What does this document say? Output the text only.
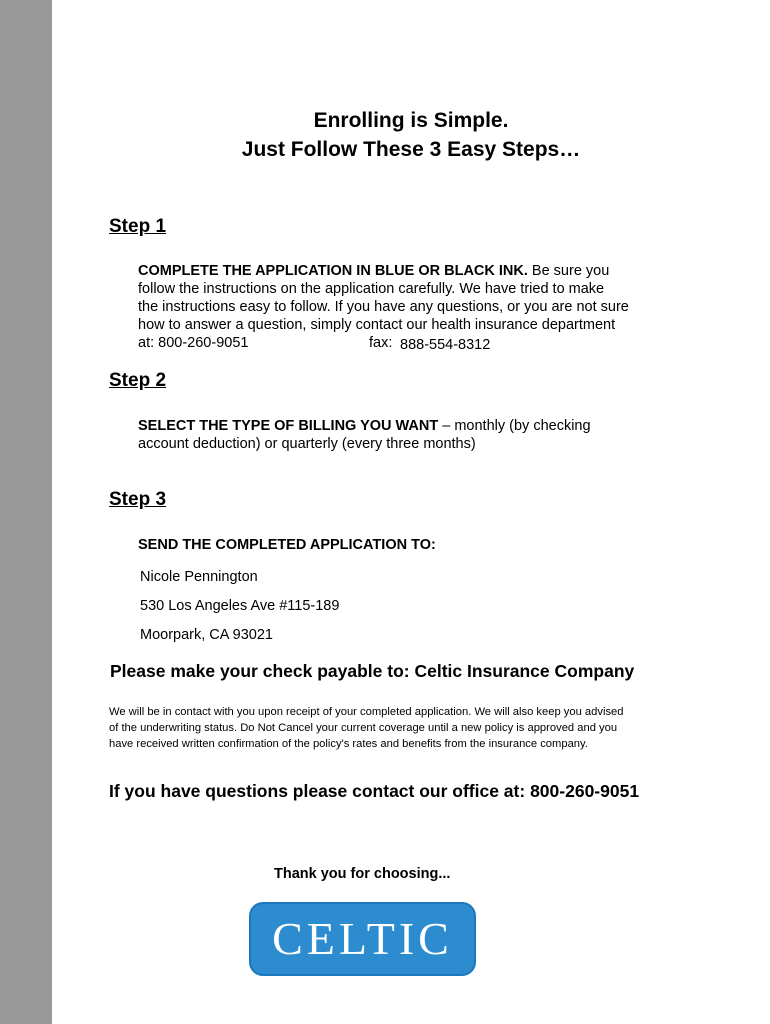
Enrolling is Simple.
Just Follow These 3 Easy Steps…
Step 1
COMPLETE THE APPLICATION IN BLUE OR BLACK INK. Be sure you
follow the instructions on the application carefully. We have tried to make
the instructions easy to follow. If you have any questions, or you are not sure
how to answer a question, simply contact our health insurance department
at: 800-260-9051	fax: 888-554-8312
Step 2
SELECT THE TYPE OF BILLING YOU WANT – monthly (by checking
account deduction) or quarterly (every three months)
Step 3
SEND THE COMPLETED APPLICATION TO:
Nicole Pennington
530 Los Angeles Ave #115-189
Moorpark, CA 93021
Please make your check payable to: Celtic Insurance Company
We will be in contact with you upon receipt of your completed application. We will also keep you advised
of the underwriting status. Do Not Cancel your current coverage until a new policy is approved and you
have received written confirmation of the policy's rates and benefits from the insurance company.
If you have questions please contact our office at: 800-260-9051
Thank you for choosing...
CELTIC
